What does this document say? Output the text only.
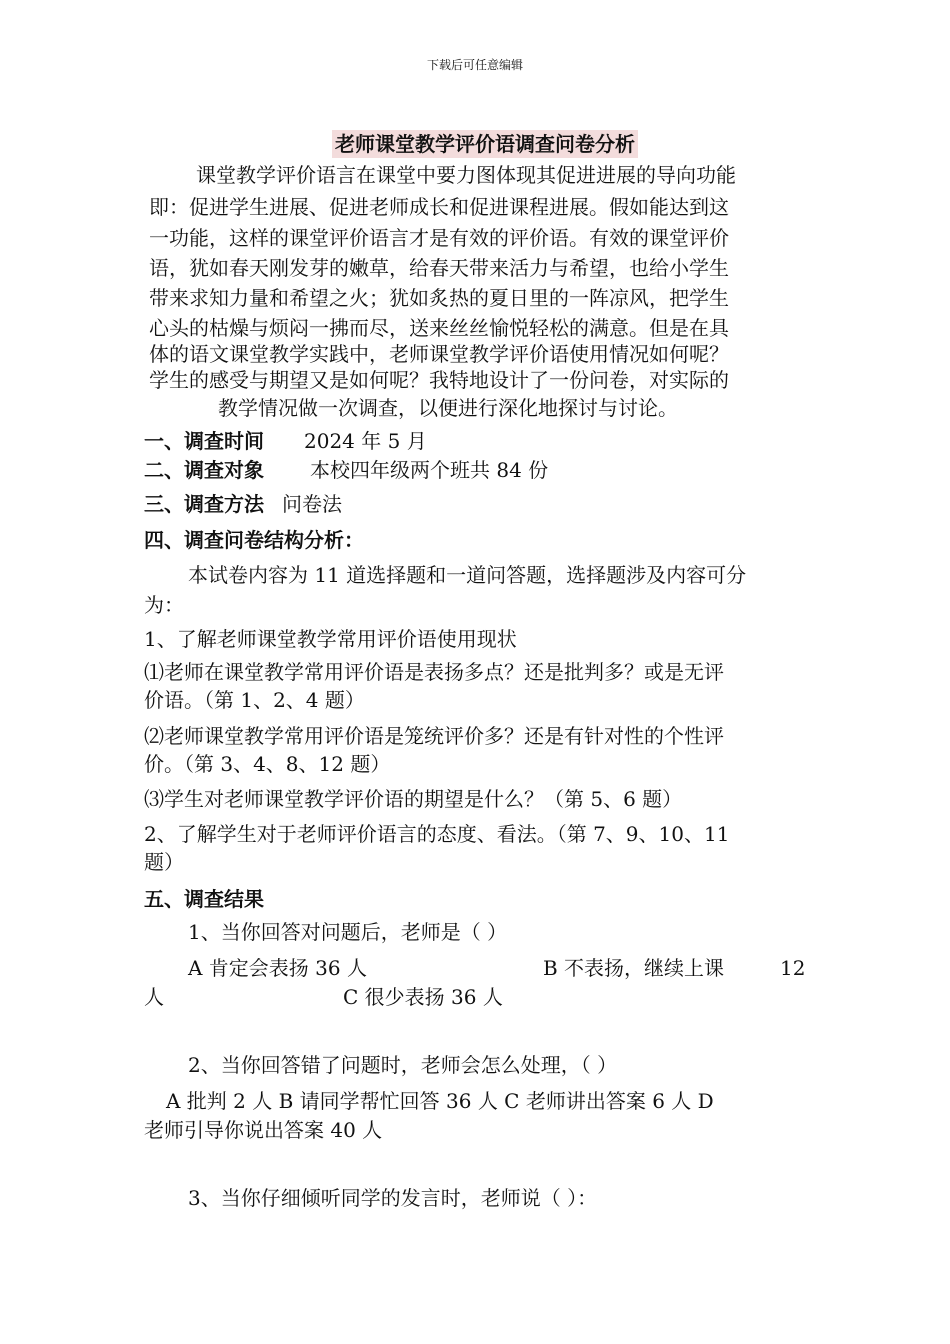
下载后可任意编辑

老师课堂教学评价语调查问卷分析

课堂教学评价语言在课堂中要力图体现其促进进展的导向功能

即：促进学生进展、促进老师成长和促进课程进展。假如能达到这

一功能，这样的课堂评价语言才是有效的评价语。有效的课堂评价

语，犹如春天刚发芽的嫩草，给春天带来活力与希望，也给小学生

带来求知力量和希望之火；犹如炙热的夏日里的一阵凉风，把学生

心头的枯燥与烦闷一拂而尽，送来丝丝愉悦轻松的满意。但是在具

体的语文课堂教学实践中，老师课堂教学评价语使用情况如何呢？

学生的感受与期望又是如何呢？我特地设计了一份问卷，对实际的

教学情况做一次调查，以便进行深化地探讨与讨论。

一、调查时间 2024 年 5 月

二、调查对象 本校四年级两个班共 84 份

三、调查方法 问卷法

四、调查问卷结构分析：

本试卷内容为 11 道选择题和一道问答题，选择题涉及内容可分

为：

1、了解老师课堂教学常用评价语使用现状

⑴老师在课堂教学常用评价语是表扬多点？还是批判多？或是无评

价语。（第 1、2、4 题）

⑵老师课堂教学常用评价语是笼统评价多？还是有针对性的个性评

价。（第 3、4、8、12 题）

⑶学生对老师课堂教学评价语的期望是什么？（第 5、6 题）

2、了解学生对于老师评价语言的态度、看法。（第 7、9、10、11

题）

五、调查结果

1、当你回答对问题后，老师是（ ）

A 肯定会表扬 36 人	B 不表扬，继续上课	12

人	C 很少表扬 36 人

2、当你回答错了问题时，老师会怎么处理，（ ）

A 批判 2 人 B 请同学帮忙回答 36 人 C 老师讲出答案 6 人 D

老师引导你说出答案 40 人

3、当你仔细倾听同学的发言时，老师说（ ）：
